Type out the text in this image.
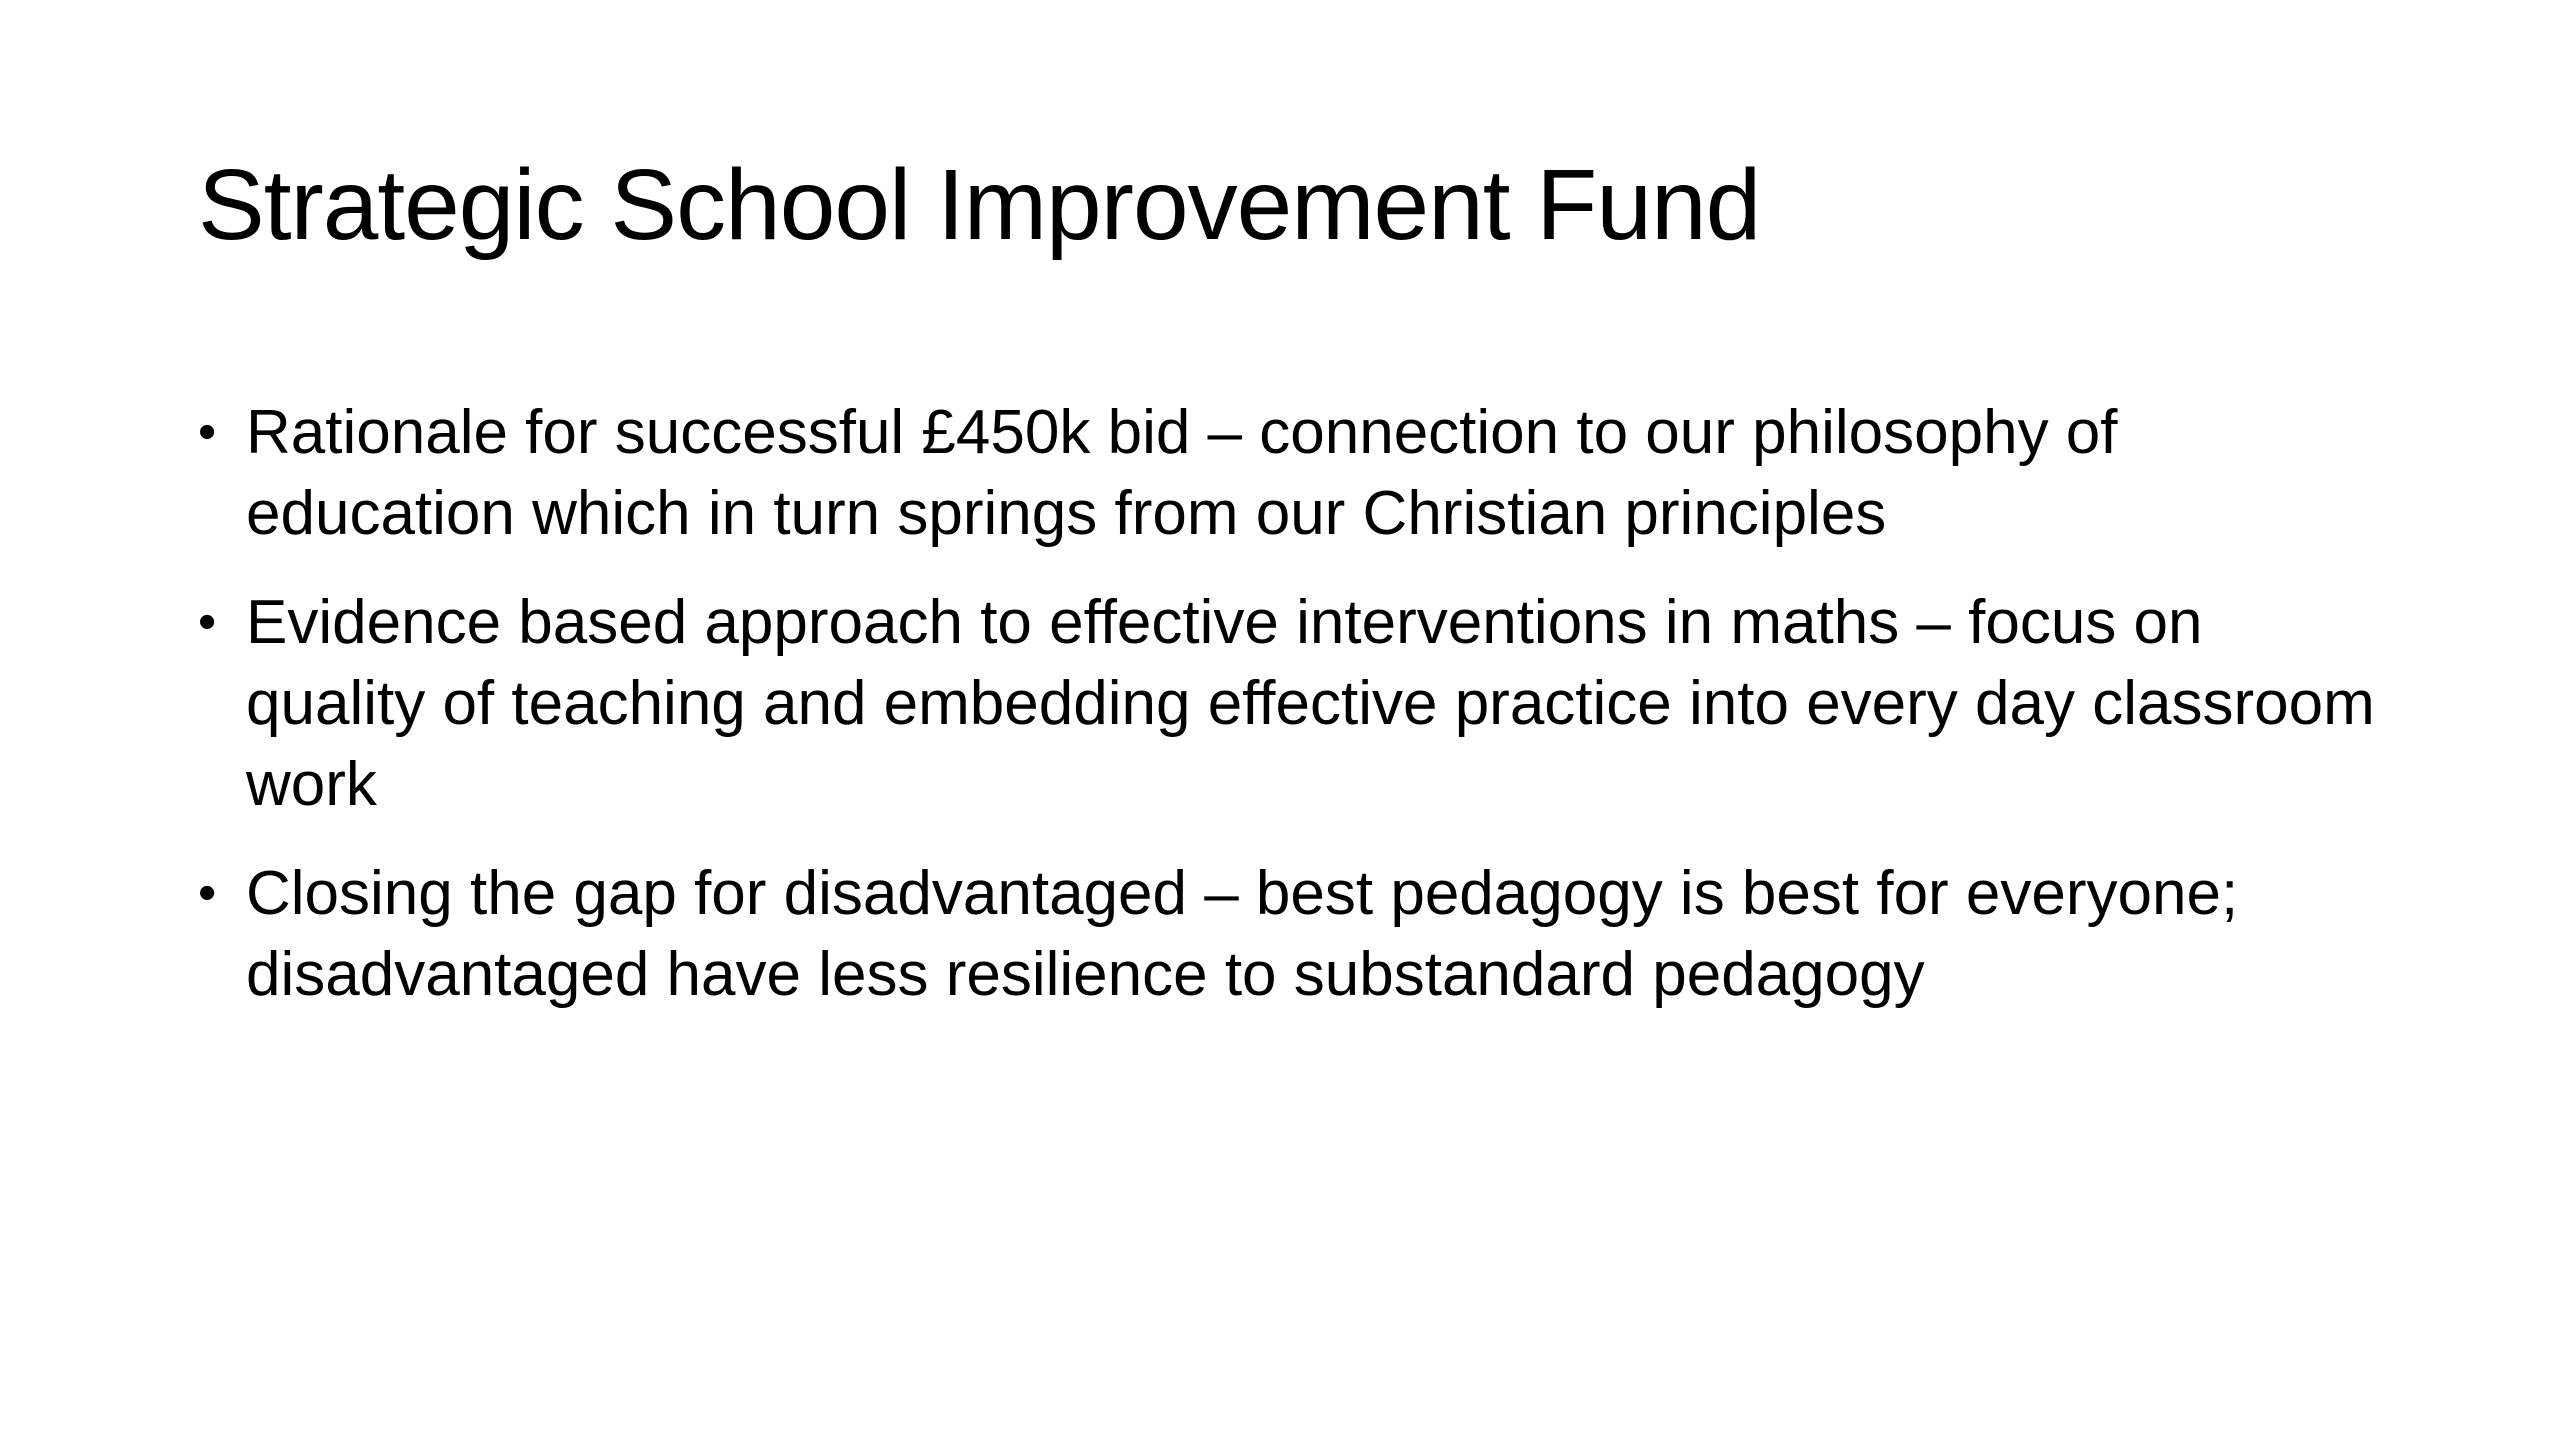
Strategic School Improvement Fund
• Rationale for successful £450k bid – connection to our philosophy of education which in turn springs from our Christian principles
• Evidence based approach to effective interventions in maths – focus on quality of teaching and embedding effective practice into every day classroom work
• Closing the gap for disadvantaged – best pedagogy is best for everyone; disadvantaged have less resilience to substandard pedagogy
